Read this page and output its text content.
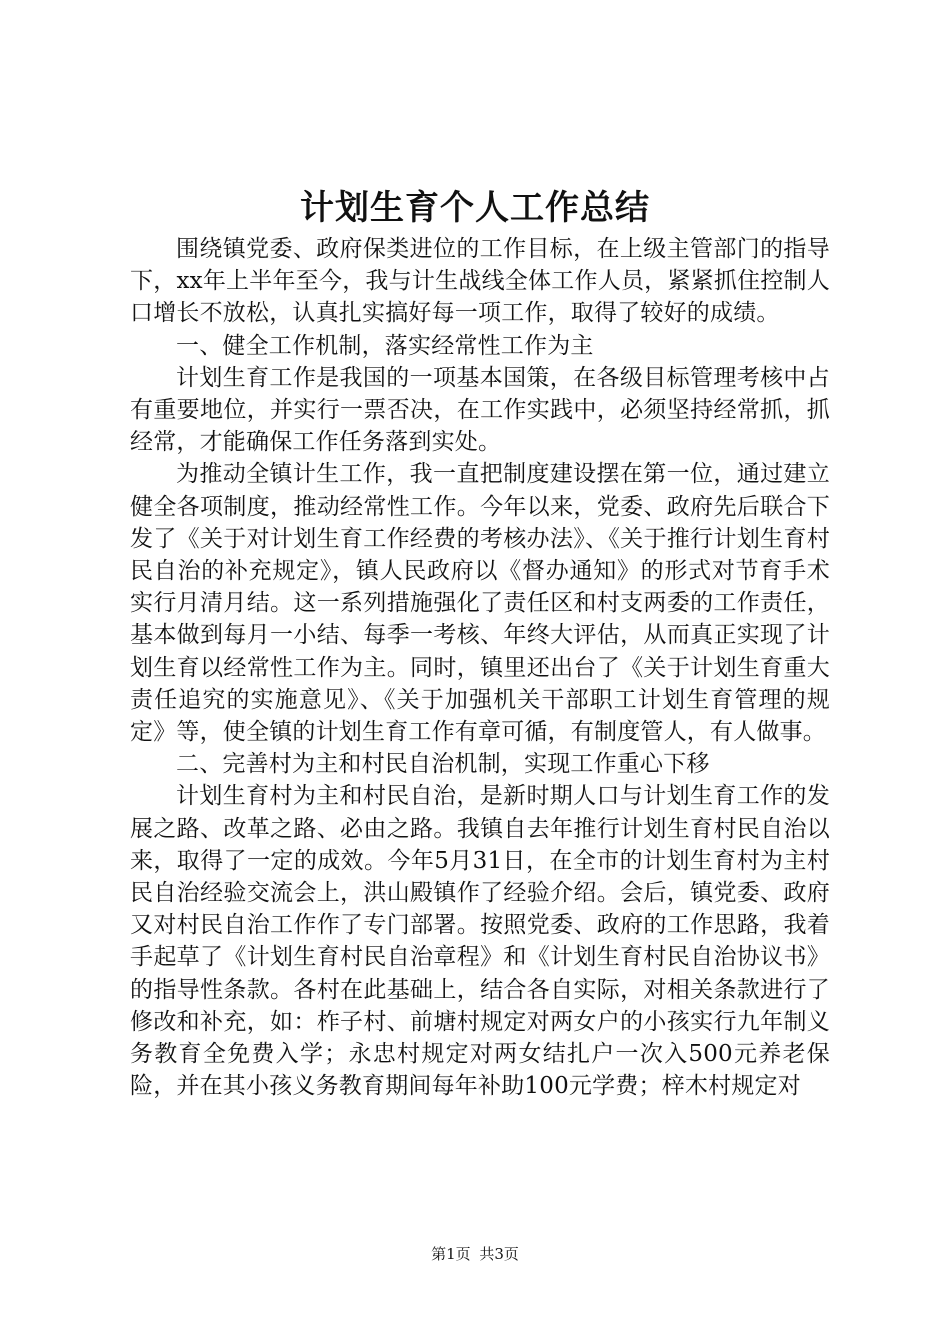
计划生育个人工作总结

围绕镇党委、政府保类进位的工作目标，在上级主管部门的指导下，xx年上半年至今，我与计生战线全体工作人员，紧紧抓住控制人口增长不放松，认真扎实搞好每一项工作，取得了较好的成绩。

一、健全工作机制，落实经常性工作为主

计划生育工作是我国的一项基本国策，在各级目标管理考核中占有重要地位，并实行一票否决，在工作实践中，必须坚持经常抓，抓经常，才能确保工作任务落到实处。

为推动全镇计生工作，我一直把制度建设摆在第一位，通过建立健全各项制度，推动经常性工作。今年以来，党委、政府先后联合下发了《关于对计划生育工作经费的考核办法》、《关于推行计划生育村民自治的补充规定》，镇人民政府以《督办通知》的形式对节育手术实行月清月结。这一系列措施强化了责任区和村支两委的工作责任，基本做到每月一小结、每季一考核、年终大评估，从而真正实现了计划生育以经常性工作为主。同时，镇里还出台了《关于计划生育重大责任追究的实施意见》、《关于加强机关干部职工计划生育管理的规定》等，使全镇的计划生育工作有章可循，有制度管人，有人做事。

二、完善村为主和村民自治机制，实现工作重心下移

计划生育村为主和村民自治，是新时期人口与计划生育工作的发展之路、改革之路、必由之路。我镇自去年推行计划生育村民自治以来，取得了一定的成效。今年5月31日，在全市的计划生育村为主村民自治经验交流会上，洪山殿镇作了经验介绍。会后，镇党委、政府又对村民自治工作作了专门部署。按照党委、政府的工作思路，我着手起草了《计划生育村民自治章程》和《计划生育村民自治协议书》的指导性条款。各村在此基础上，结合各自实际，对相关条款进行了修改和补充，如：柞子村、前塘村规定对两女户的小孩实行九年制义务教育全免费入学；永忠村规定对两女结扎户一次入500元养老保险，并在其小孩义务教育期间每年补助100元学费；梓木村规定对

第1页 共3页
